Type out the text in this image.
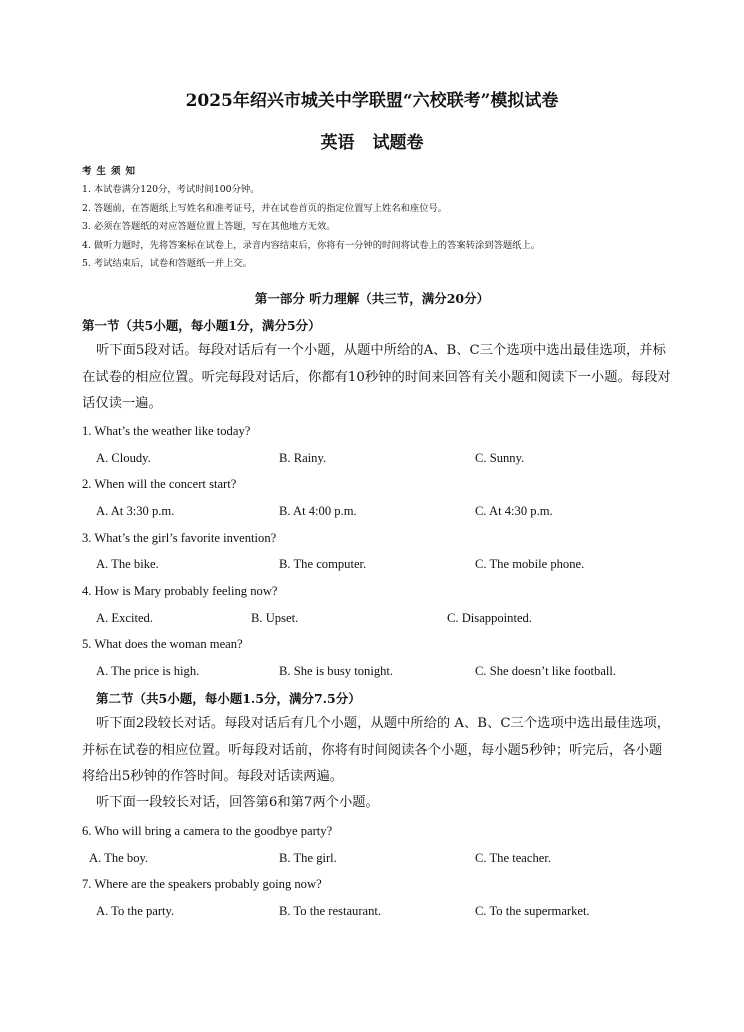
2025年绍兴市城关中学联盟“六校联考”模拟试卷
英语 试题卷
考生须知
1. 本试卷满分120分，考试时间100分钟。
2. 答题前，在答题纸上写姓名和准考证号，并在试卷首页的指定位置写上姓名和座位号。
3. 必须在答题纸的对应答题位置上答题，写在其他地方无效。
4. 做听力题时，先将答案标在试卷上，录音内容结束后，你将有一分钟的时间将试卷上的答案转涂到答题纸上。
5. 考试结束后，试卷和答题纸一并上交。
第一部分 听力理解（共三节，满分20分）
第一节（共5小题，每小题1分，满分5分）

听下面5段对话。每段对话后有一个小题，从题中所给的A、B、C三个选项中选出最佳选项，并标在试卷的相应位置。听完每段对话后，你都有10秒钟的时间来回答有关小题和阅读下一小题。每段对话仅读一遍。

1. What’s the weather like today?
A. Cloudy.	B. Rainy.	C. Sunny.
2. When will the concert start?
A. At 3:30 p.m.	B. At 4:00 p.m.	C. At 4:30 p.m.
3. What’s the girl’s favorite invention?
A. The bike.	B. The computer.	C. The mobile phone.
4. How is Mary probably feeling now?
A. Excited.	B. Upset.	C. Disappointed.
5. What does the woman mean?
A. The price is high.	B. She is busy tonight.	C. She doesn’t like football.
第二节（共5小题，每小题1.5分，满分7.5分）

听下面2段较长对话。每段对话后有几个小题，从题中所给的 A、B、C三个选项中选出最佳选项，并标在试卷的相应位置。听每段对话前，你将有时间阅读各个小题，每小题5秒钟；听完后，各小题将给出5秒钟的作答时间。每段对话读两遍。

听下面一段较长对话，回答第6和第7两个小题。

6. Who will bring a camera to the goodbye party?
A. The boy.	B. The girl.	C. The teacher.
7. Where are the speakers probably going now?
A. To the party.	B. To the restaurant.	C. To the supermarket.
